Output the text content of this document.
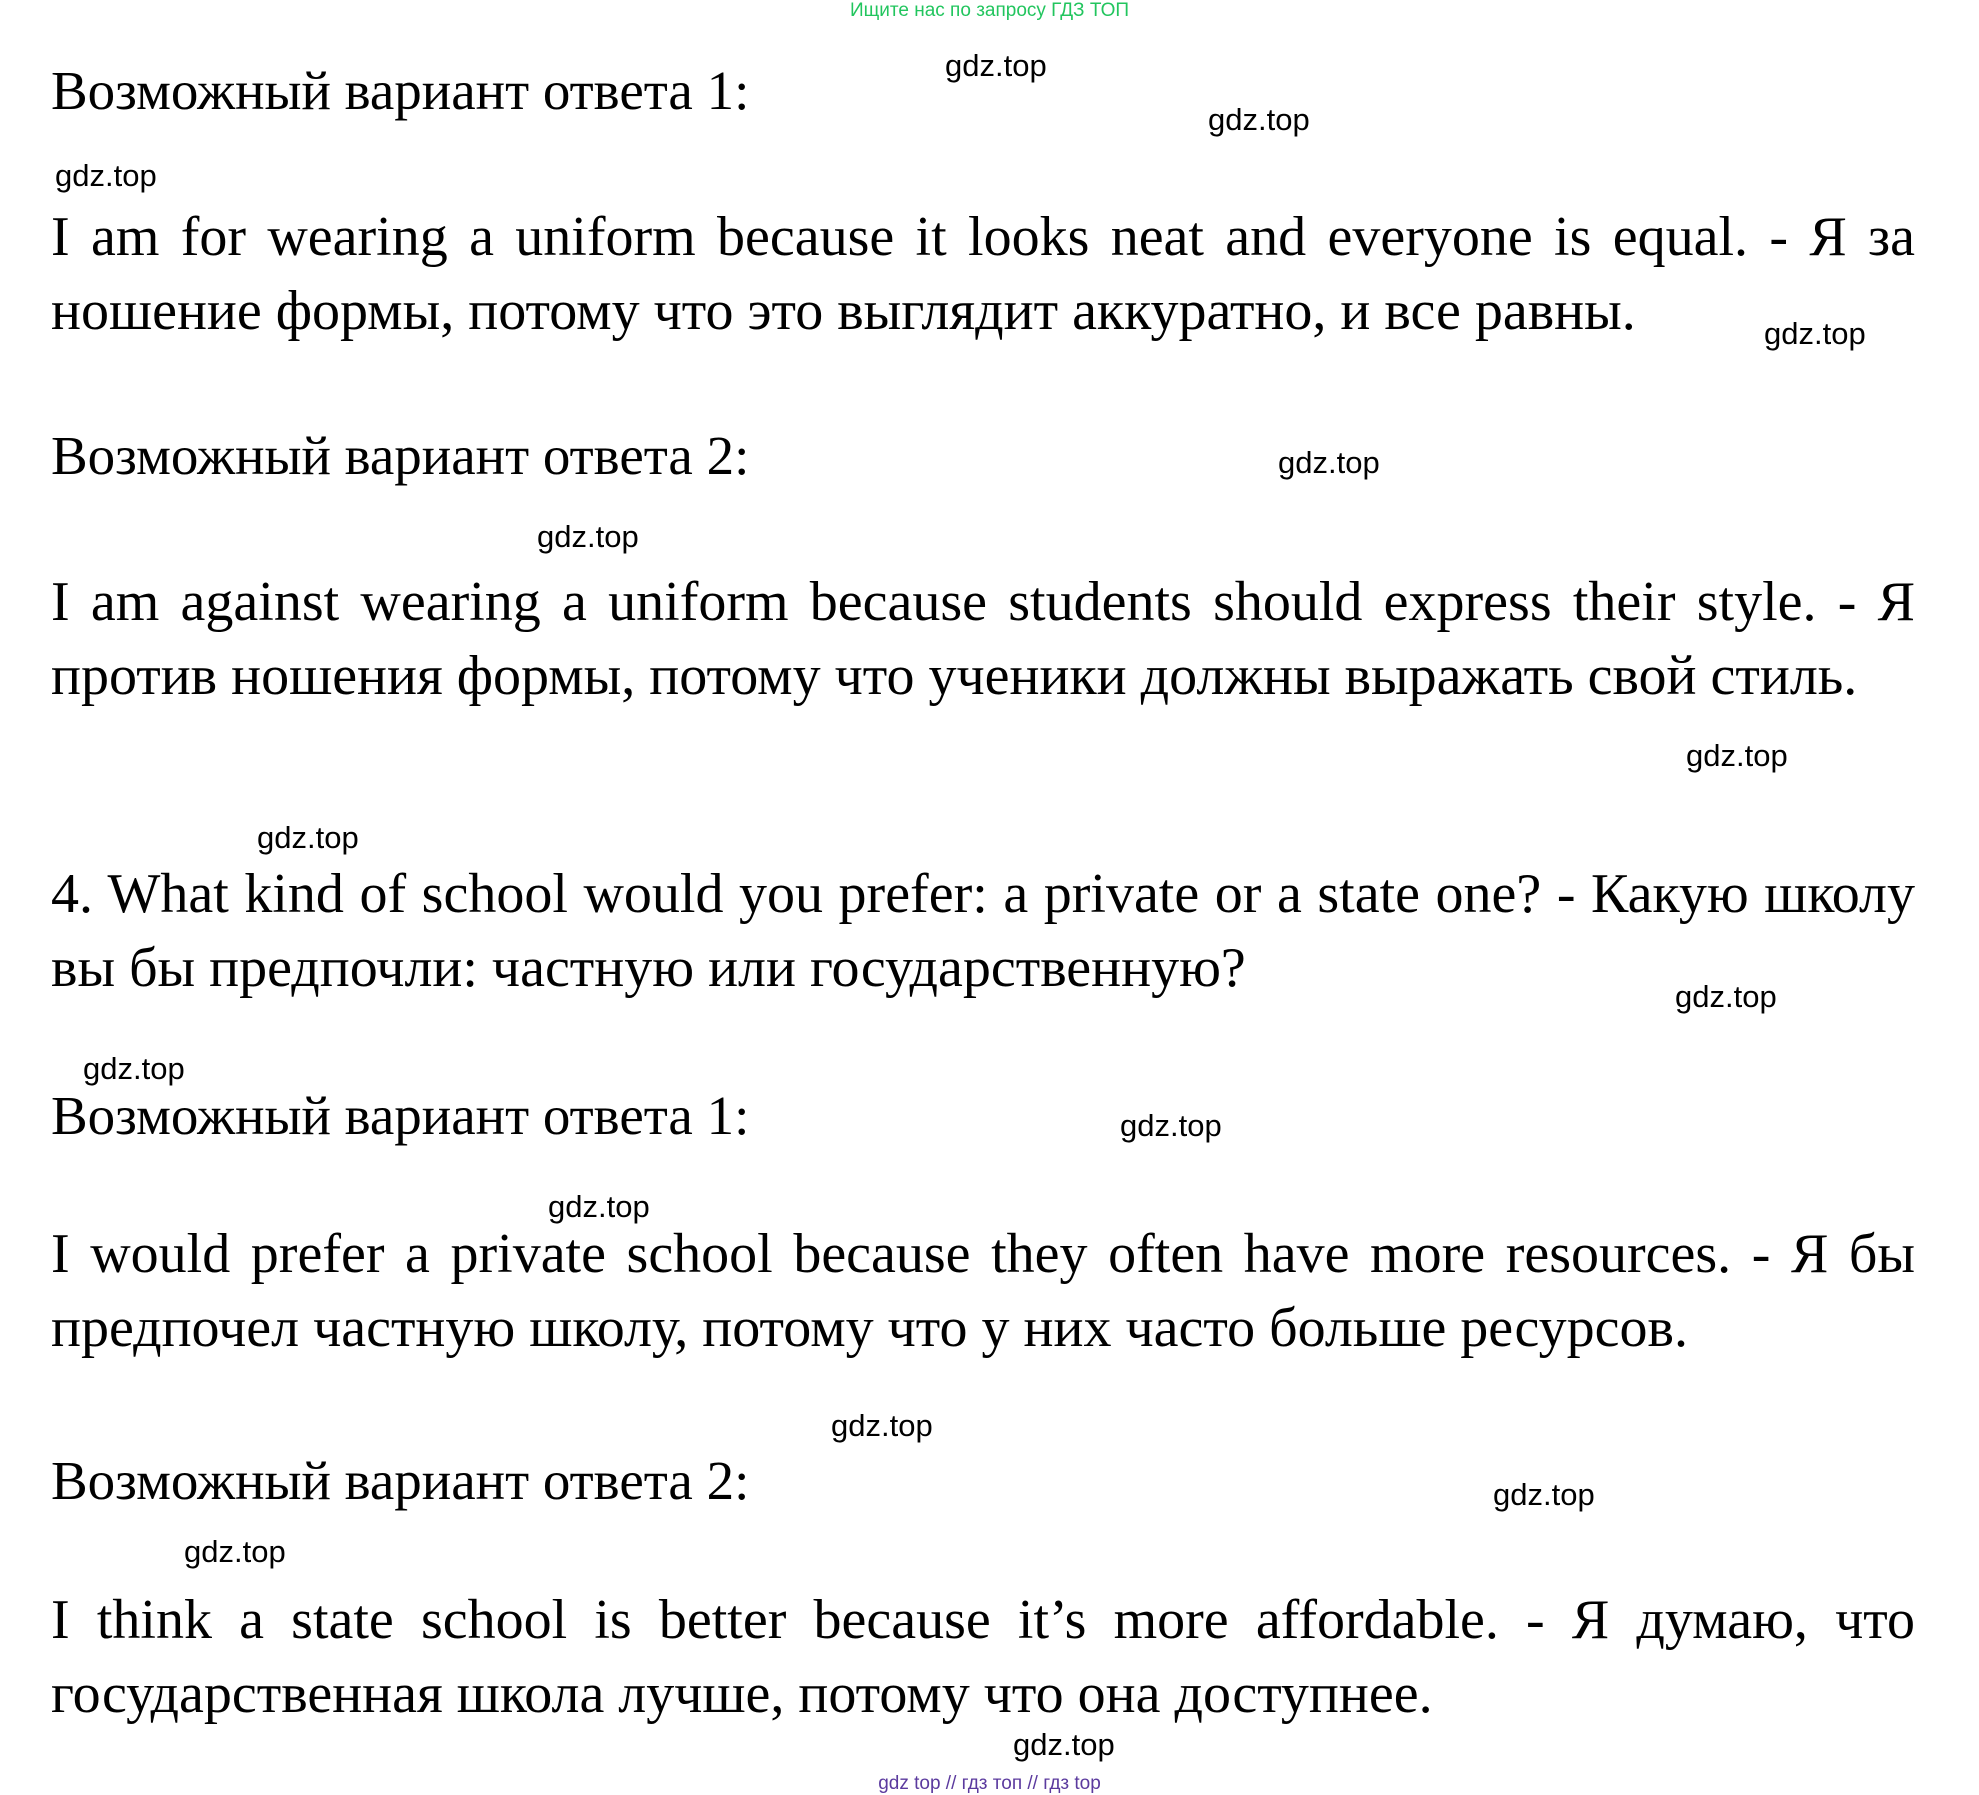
Ищите нас по запросу ГДЗ ТОП
Возможный вариант ответа 1:
I am for wearing a uniform because it looks neat and everyone is equal. - Я за ношение формы, потому что это выглядит аккуратно, и все равны.
Возможный вариант ответа 2:
I am against wearing a uniform because students should express their style. - Я против ношения формы, потому что ученики должны выражать свой стиль.
4. What kind of school would you prefer: a private or a state one? - Какую школу вы бы предпочли: частную или государственную?
Возможный вариант ответа 1:
I would prefer a private school because they often have more resources. - Я бы предпочел частную школу, потому что у них часто больше ресурсов.
Возможный вариант ответа 2:
I think a state school is better because it’s more affordable. - Я думаю, что государственная школа лучше, потому что она доступнее.
gdz.top
gdz.top
gdz.top
gdz.top
gdz.top
gdz.top
gdz.top
gdz.top
gdz.top
gdz.top
gdz.top
gdz.top
gdz.top
gdz.top
gdz.top
gdz.top
gdz top // гдз топ // гдз top
